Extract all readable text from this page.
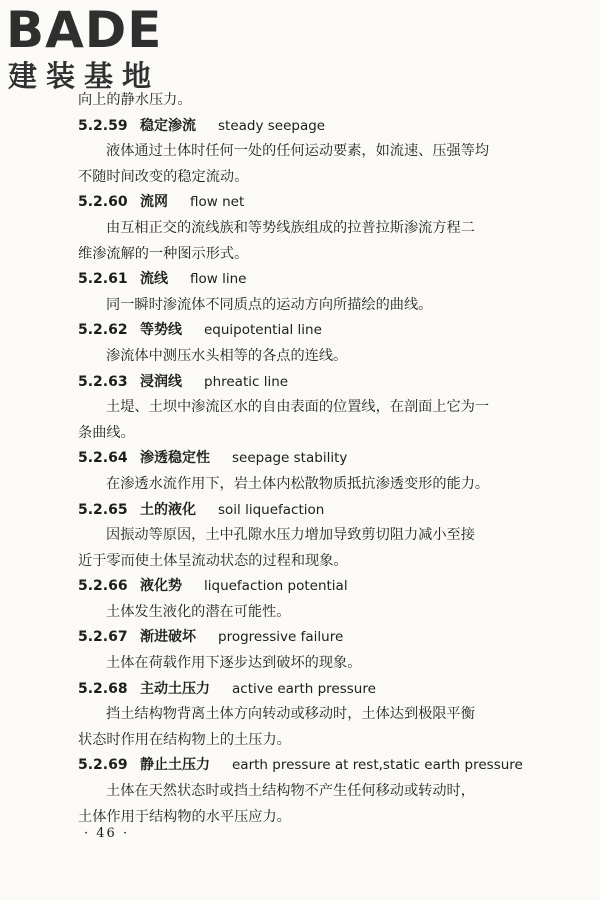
BADE
建装基地
向上的静水压力。
5.2.59 稳定渗流 steady seepage
液体通过土体时任何一处的任何运动要素，如流速、压强等均
不随时间改变的稳定流动。
5.2.60 流网 flow net
由互相正交的流线族和等势线族组成的拉普拉斯渗流方程二
维渗流解的一种图示形式。
5.2.61 流线 flow line
同一瞬时渗流体不同质点的运动方向所描绘的曲线。
5.2.62 等势线 equipotential line
渗流体中测压水头相等的各点的连线。
5.2.63 浸润线 phreatic line
土堤、土坝中渗流区水的自由表面的位置线，在剖面上它为一
条曲线。
5.2.64 渗透稳定性 seepage stability
在渗透水流作用下，岩土体内松散物质抵抗渗透变形的能力。
5.2.65 土的液化 soil liquefaction
因振动等原因，土中孔隙水压力增加导致剪切阻力减小至接
近于零而使土体呈流动状态的过程和现象。
5.2.66 液化势 liquefaction potential
土体发生液化的潜在可能性。
5.2.67 渐进破坏 progressive failure
土体在荷载作用下逐步达到破坏的现象。
5.2.68 主动土压力 active earth pressure
挡土结构物背离土体方向转动或移动时，土体达到极限平衡
状态时作用在结构物上的土压力。
5.2.69 静止土压力 earth pressure at rest,static earth pressure
土体在天然状态时或挡土结构物不产生任何移动或转动时，
土体作用于结构物的水平压应力。
· 46 ·
